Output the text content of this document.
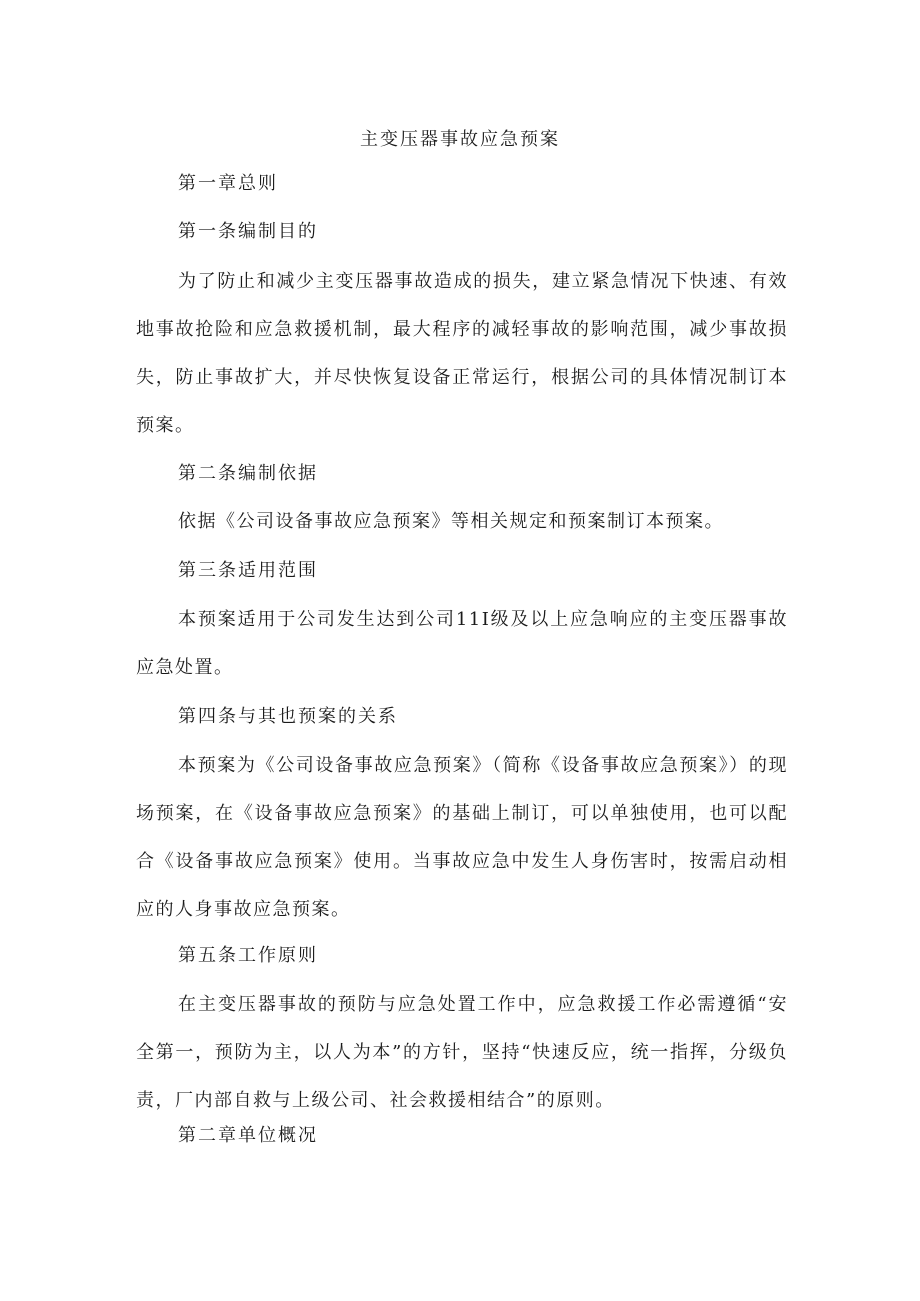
主变压器事故应急预案
第一章总则
第一条编制目的

为了防止和减少主变压器事故造成的损失，建立紧急情况下快速、有效地事故抢险和应急救援机制，最大程序的减轻事故的影响范围，减少事故损失，防止事故扩大，并尽快恢复设备正常运行，根据公司的具体情况制订本预案。

第二条编制依据

依据《公司设备事故应急预案》等相关规定和预案制订本预案。

第三条适用范围

本预案适用于公司发生达到公司11I级及以上应急响应的主变压器事故应急处置。

第四条与其也预案的关系

本预案为《公司设备事故应急预案》（简称《设备事故应急预案》）的现场预案，在《设备事故应急预案》的基础上制订，可以单独使用，也可以配合《设备事故应急预案》使用。当事故应急中发生人身伤害时，按需启动相应的人身事故应急预案。

第五条工作原则

在主变压器事故的预防与应急处置工作中，应急救援工作必需遵循“安全第一，预防为主，以人为本”的方针，坚持“快速反应，统一指挥，分级负责，厂内部自救与上级公司、社会救援相结合”的原则。

第二章单位概况
